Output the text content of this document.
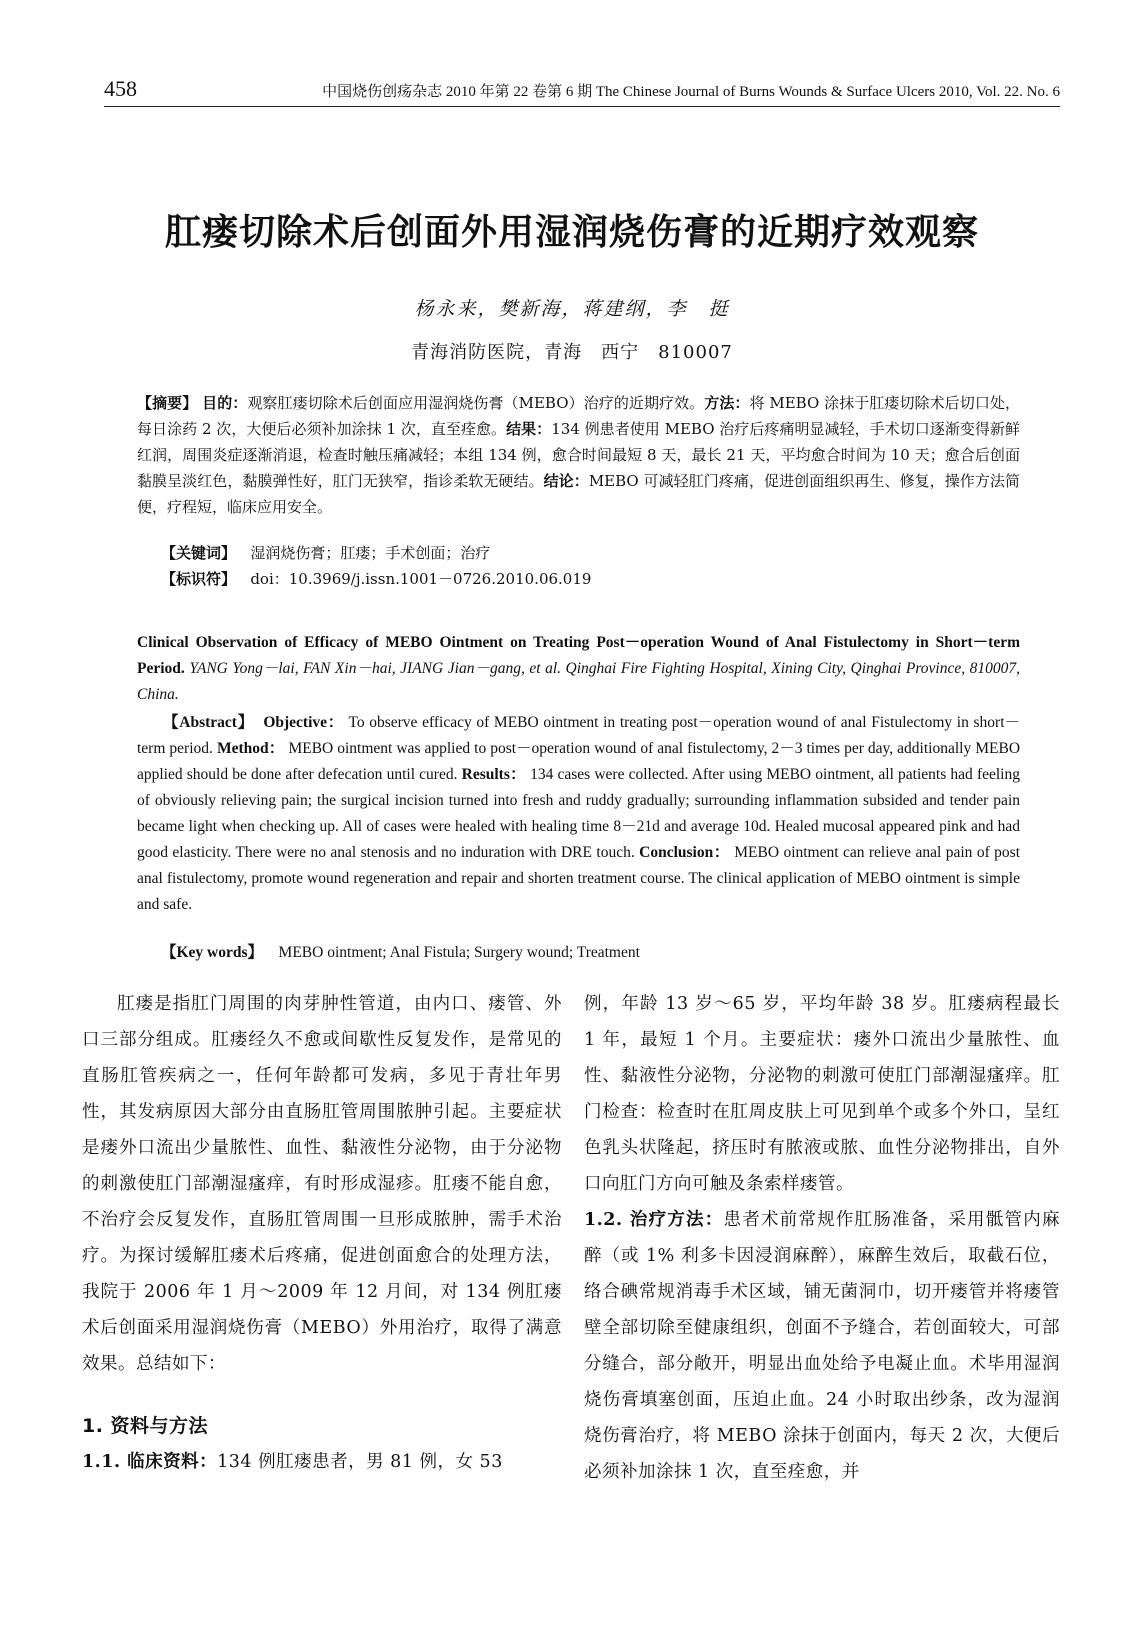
458	中国烧伤创疡杂志 2010 年第 22 卷第 6 期 The Chinese Journal of Burns Wounds & Surface Ulcers 2010, Vol. 22. No. 6
肛瘘切除术后创面外用湿润烧伤膏的近期疗效观察
杨永来，樊新海，蒋建纲，李　挺
青海消防医院，青海　西宁　810007
【摘要】 目的：观察肛瘘切除术后创面应用湿润烧伤膏（MEBO）治疗的近期疗效。方法：将 MEBO 涂抹于肛瘘切除术后切口处，每日涂药 2 次，大便后必须补加涂抹 1 次，直至痊愈。结果：134 例患者使用 MEBO 治疗后疼痛明显减轻，手术切口逐渐变得新鲜红润，周围炎症逐渐消退，检查时触压痛减轻；本组 134 例，愈合时间最短 8 天，最长 21 天，平均愈合时间为 10 天；愈合后创面黏膜呈淡红色，黏膜弹性好，肛门无狭窄，指诊柔软无硬结。结论：MEBO 可减轻肛门疼痛，促进创面组织再生、修复，操作方法简便，疗程短，临床应用安全。
【关键词】 湿润烧伤膏；肛瘘；手术创面；治疗
【标识符】 doi：10.3969/j.issn.1001－0726.2010.06.019

Clinical Observation of Efficacy of MEBO Ointment on Treating Post－operation Wound of Anal Fistulectomy in Short－term Period. YANG Yong－lai, FAN Xin－hai, JIANG Jian－gang, et al. Qinghai Fire Fighting Hospital, Xining City, Qinghai Province, 810007, China.

【Abstract】 Objective： To observe efficacy of MEBO ointment in treating post－operation wound of anal Fistulectomy in short－term period. Method： MEBO ointment was applied to post－operation wound of anal fistulectomy, 2－3 times per day, additionally MEBO applied should be done after defecation until cured. Results： 134 cases were collected. After using MEBO ointment, all patients had feeling of obviously relieving pain; the surgical incision turned into fresh and ruddy gradually; surrounding inflammation subsided and tender pain became light when checking up. All of cases were healed with healing time 8－21d and average 10d. Healed mucosal appeared pink and had good elasticity. There were no anal stenosis and no induration with DRE touch. Conclusion： MEBO ointment can relieve anal pain of post anal fistulectomy, promote wound regeneration and repair and shorten treatment course. The clinical application of MEBO ointment is simple and safe.

【Key words】 MEBO ointment; Anal Fistula; Surgery wound; Treatment

肛瘘是指肛门周围的肉芽肿性管道，由内口、瘘管、外口三部分组成。肛瘘经久不愈或间歇性反复发作，是常见的直肠肛管疾病之一，任何年龄都可发病，多见于青壮年男性，其发病原因大部分由直肠肛管周围脓肿引起。主要症状是瘘外口流出少量脓性、血性、黏液性分泌物，由于分泌物的刺激使肛门部潮湿瘙痒，有时形成湿疹。肛瘘不能自愈，不治疗会反复发作，直肠肛管周围一旦形成脓肿，需手术治疗。为探讨缓解肛瘘术后疼痛，促进创面愈合的处理方法，我院于 2006 年 1 月～2009 年 12 月间，对 134 例肛瘘术后创面采用湿润烧伤膏（MEBO）外用治疗，取得了满意效果。总结如下：

1. 资料与方法

1.1. 临床资料：134 例肛瘘患者，男 81 例，女 53

例，年龄 13 岁～65 岁，平均年龄 38 岁。肛瘘病程最长 1 年，最短 1 个月。主要症状：瘘外口流出少量脓性、血性、黏液性分泌物，分泌物的刺激可使肛门部潮湿瘙痒。肛门检查：检查时在肛周皮肤上可见到单个或多个外口，呈红色乳头状隆起，挤压时有脓液或脓、血性分泌物排出，自外口向肛门方向可触及条索样瘘管。

1.2. 治疗方法：患者术前常规作肛肠准备，采用骶管内麻醉（或 1% 利多卡因浸润麻醉），麻醉生效后，取截石位，络合碘常规消毒手术区域，铺无菌洞巾，切开瘘管并将瘘管壁全部切除至健康组织，创面不予缝合，若创面较大，可部分缝合，部分敞开，明显出血处给予电凝止血。术毕用湿润烧伤膏填塞创面，压迫止血。24 小时取出纱条，改为湿润烧伤膏治疗，将 MEBO 涂抹于创面内，每天 2 次，大便后必须补加涂抹 1 次，直至痊愈，并
